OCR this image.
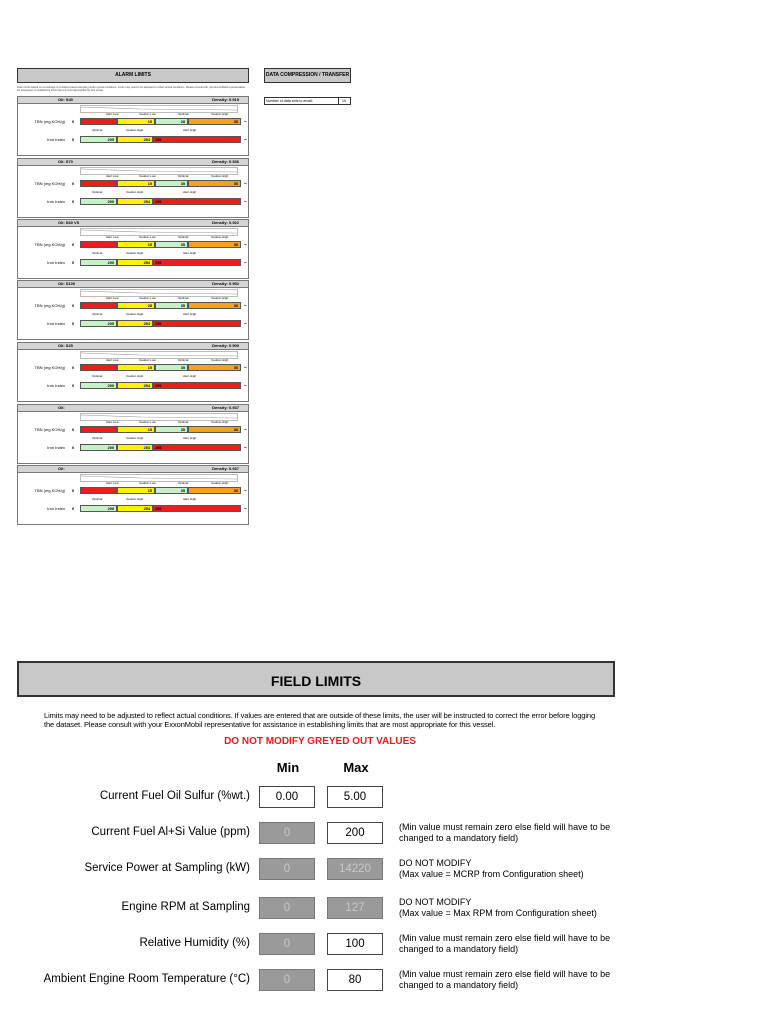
ALARM LIMITS	DATA COMPRESSION / TRANSFER
Alarm limits based on an average of condition-based sampling under typical conditions. Limits may need to be adjusted to reflect actual conditions. Please consult with your ExxonMobil representative for assistance in establishing limits that are most appropriate for this vessel.
Number of data sets to email:	10
Oil: S40	Density: 0.919
Alert Low	Caution Low	Optimal	Caution High
TBN (mg KOH/g)	0	15	28	35	–
Optimal	Caution High	Alert High
Iron Index	0	200	254	255	–
Oil: S70	Density: 0.936
Alert Low	Caution Low	Optimal	Caution High
TBN (mg KOH/g)	0	15	35	36	–
Optimal	Caution High	Alert High
Iron Index	0	200	254	255	–
Oil: S60 VS	Density: 0.922
Alert Low	Caution Low	Optimal	Caution High
TBN (mg KOH/g)	0	15	35	36	–
Optimal	Caution High	Alert High
Iron Index	0	200	254	255	–
Oil: S100	Density: 0.952
Alert Low	Caution Low	Optimal	Caution High
TBN (mg KOH/g)	0	28	35	36	–
Optimal	Caution High	Alert High
Iron Index	0	200	254	255	–
Oil: S25	Density: 0.909
Alert Low	Caution Low	Optimal	Caution High
TBN (mg KOH/g)	0	15	35	36	–
Optimal	Caution High	Alert High
Iron Index	0	200	254	255	–
Oil:	Density: 0.937
Alert Low	Caution Low	Optimal	Caution High
TBN (mg KOH/g)	0	15	35	36	–
Optimal	Caution High	Alert High
Iron Index	0	200	254	255	–
Oil:	Density: 0.937
Alert Low	Caution Low	Optimal	Caution High
TBN (mg KOH/g)	0	15	35	36	–
Optimal	Caution High	Alert High
Iron Index	0	200	254	255	–
FIELD LIMITS
Limits may need to be adjusted to reflect actual conditions. If values are entered that are outside of these limits, the user will be instructed to correct the error before logging the dataset. Please consult with your ExxonMobil representative for assistance in establishing limits that are most appropriate for this vessel.
DO NOT MODIFY GREYED OUT VALUES
Min	Max
Current Fuel Oil Sulfur (%wt.)	0.00	5.00
Current Fuel Al+Si Value (ppm)	0	200	(Min value must remain zero else field will have to be changed to a mandatory field)
Service Power at Sampling (kW)	0	14220	DO NOT MODIFY
(Max value = MCRP from Configuration sheet)
Engine RPM at Sampling	0	127	DO NOT MODIFY
(Max value = Max RPM from Configuration sheet)
Relative Humidity (%)	0	100	(Min value must remain zero else field will have to be changed to a mandatory field)
Ambient Engine Room Temperature (°C)	0	80	(Min value must remain zero else field will have to be changed to a mandatory field)
